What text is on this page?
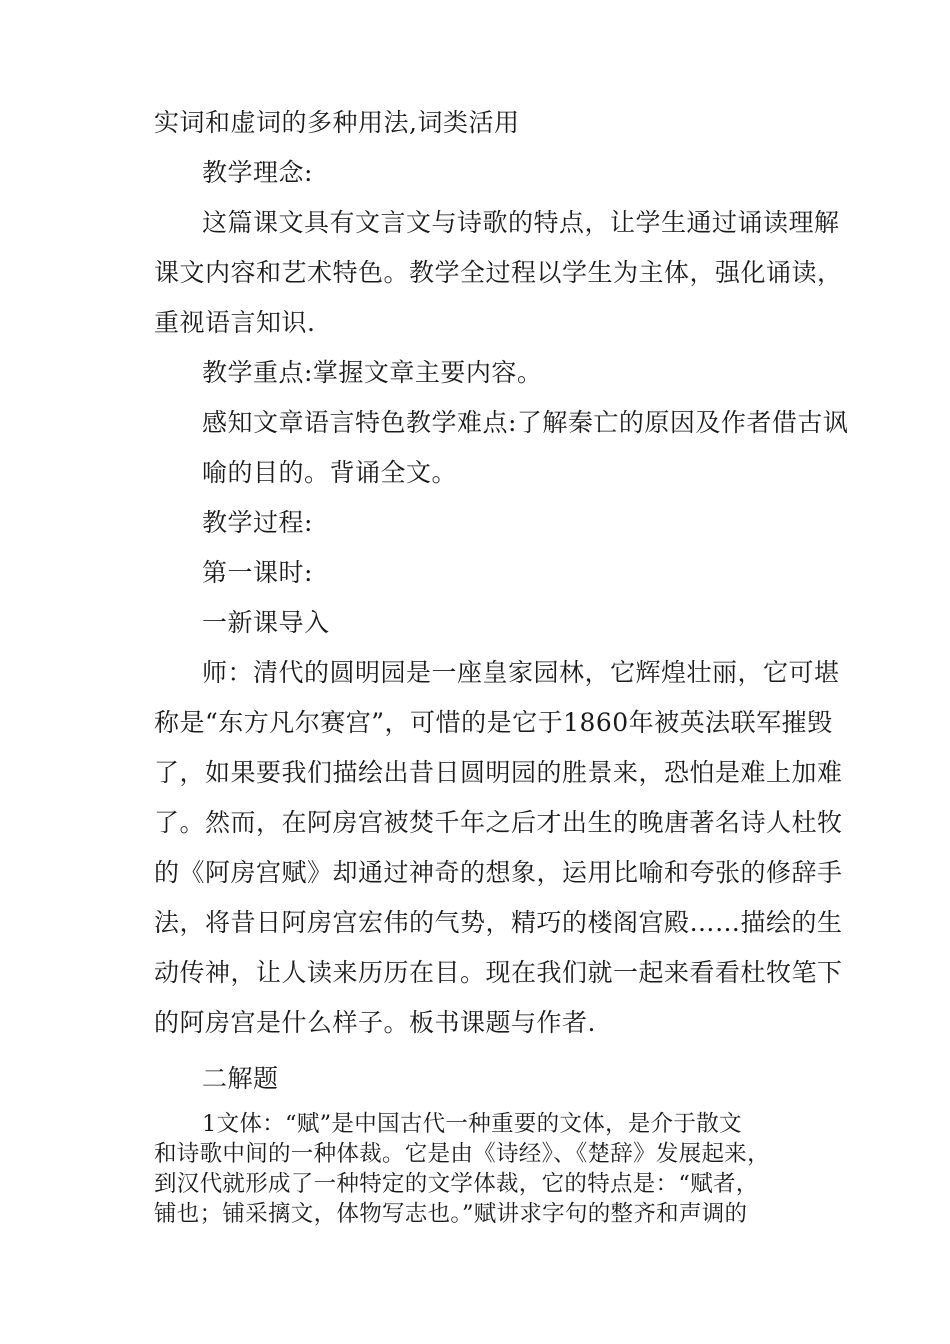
实词和虚词的多种用法,词类活用
教学理念:
这篇课文具有文言文与诗歌的特点，让学生通过诵读理解
课文内容和艺术特色。教学全过程以学生为主体，强化诵读，
重视语言知识.
教学重点:掌握文章主要内容。
感知文章语言特色教学难点:了解秦亡的原因及作者借古讽
喻的目的。背诵全文。
教学过程:
第一课时:
一新课导入
师：清代的圆明园是一座皇家园林，它辉煌壮丽，它可堪
称是“东方凡尔赛宫”，可惜的是它于1860年被英法联军摧毁
了，如果要我们描绘出昔日圆明园的胜景来，恐怕是难上加难
了。然而，在阿房宫被焚千年之后才出生的晚唐著名诗人杜牧
的《阿房宫赋》却通过神奇的想象，运用比喻和夸张的修辞手
法，将昔日阿房宫宏伟的气势，精巧的楼阁宫殿……描绘的生
动传神，让人读来历历在目。现在我们就一起来看看杜牧笔下
的阿房宫是什么样子。板书课题与作者.
二解题
1文体：“赋”是中国古代一种重要的文体，是介于散文
和诗歌中间的一种体裁。它是由《诗经》、《楚辞》发展起来，
到汉代就形成了一种特定的文学体裁，它的特点是：“赋者，
铺也；铺采摛文，体物写志也。”赋讲求字句的整齐和声调的
